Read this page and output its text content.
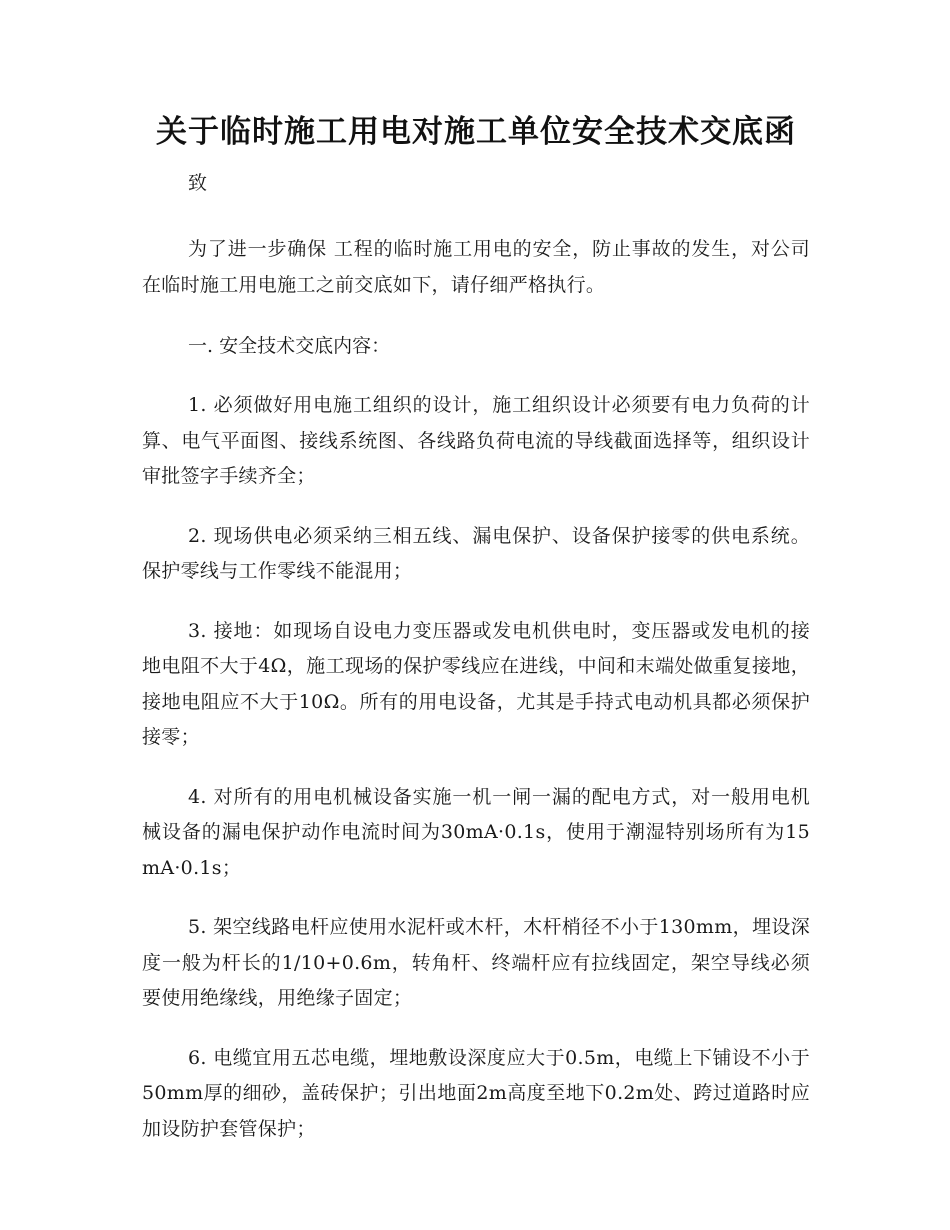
关于临时施工用电对施工单位安全技术交底函

致

为了进一步确保 工程的临时施工用电的安全，防止事故的发生，对公司在临时施工用电施工之前交底如下，请仔细严格执行。

一. 安全技术交底内容：

1. 必须做好用电施工组织的设计，施工组织设计必须要有电力负荷的计算、电气平面图、接线系统图、各线路负荷电流的导线截面选择等，组织设计审批签字手续齐全；

2. 现场供电必须采纳三相五线、漏电保护、设备保护接零的供电系统。保护零线与工作零线不能混用；

3. 接地：如现场自设电力变压器或发电机供电时，变压器或发电机的接地电阻不大于4Ω，施工现场的保护零线应在进线，中间和末端处做重复接地，接地电阻应不大于10Ω。所有的用电设备，尤其是手持式电动机具都必须保护接零；

4. 对所有的用电机械设备实施一机一闸一漏的配电方式，对一般用电机械设备的漏电保护动作电流时间为30mA·0.1s，使用于潮湿特别场所有为15 mA·0.1s；

5. 架空线路电杆应使用水泥杆或木杆，木杆梢径不小于130mm，埋设深度一般为杆长的1/10+0.6m，转角杆、终端杆应有拉线固定，架空导线必须要使用绝缘线，用绝缘子固定；

6. 电缆宜用五芯电缆，埋地敷设深度应大于0.5m，电缆上下铺设不小于50mm厚的细砂，盖砖保护；引出地面2m高度至地下0.2m处、跨过道路时应加设防护套管保护；
